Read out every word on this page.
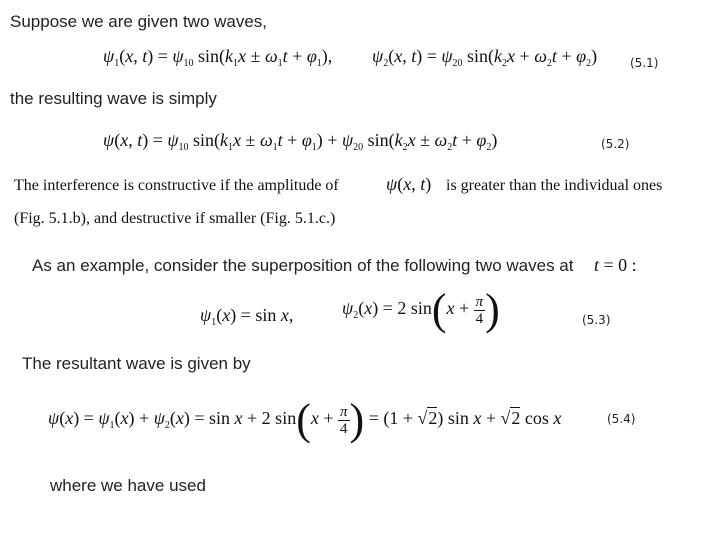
Suppose we are given two waves,
$\psi_1(x$, $t) = \psi_{10}$ $\sin(k_1x \pm \omega_1t + \varphi_1)$, $\psi_2(x$, $t) = \psi_{20}$ $\sin(k_2x + \omega_2t + \varphi_2)$	(5.1)
the resulting wave is simply
ψ(x, $t) = \psi_{10}$ $\sin(k_1x \pm \omega_1t + \varphi_1) + \psi_{20}$ $\sin(k_2x \pm \omega_2t + \varphi_2)$	(5.2)
The interference is constructive if the amplitude of	ψ(x, t) is greater than the individual ones
(Fig. 5.1.b), and destructive if smaller (Fig. 5.1.c.)
As an example, consider the superposition of the following two waves at t = 0 :
$\psi_1(x) = \sin x$,	$\psi_2(x) = 2$ $\sin(x + \frac{\pi}{4}$ )	(5.3)
The resultant wave is given by
$\psi(x) = \psi_1(x) + \psi_2(x) = \sin x + 2$ $\sin(x + \frac{\pi}{4}$ ) = (1 + √2) sin x + √2 cos x	(5.4)
where we have used
